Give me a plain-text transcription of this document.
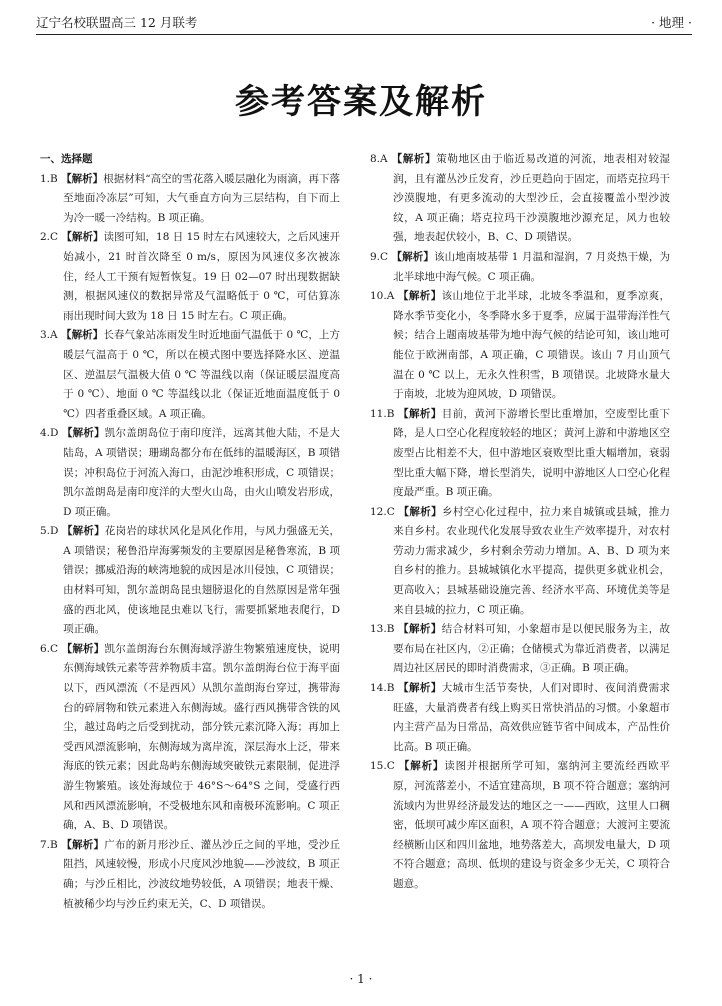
辽宁名校联盟高三 12 月联考	· 地理 ·
参考答案及解析
一、选择题

1.B 【解析】根据材料“高空的雪花落入暖层融化为雨滴，再下落至地面冷冻层”可知，大气垂直方向为三层结构，自下而上为冷一暖一冷结构。B 项正确。

2.C 【解析】读图可知，18 日 15 时左右风速较大，之后风速开始减小，21 时首次降至 0 m/s，原因为风速仪多次被冻住，经人工干预有短暂恢复。19 日 02—07 时出现数据缺测，根据风速仪的数据异常及气温略低于 0 ℃，可估算冻雨出现时间大致为 18 日 15 时左右。C 项正确。

3.A 【解析】长春气象站冻雨发生时近地面气温低于 0 ℃，上方暖层气温高于 0 ℃，所以在模式图中要选择降水区、逆温区、逆温层气温极大值 0 ℃ 等温线以南（保证暖层温度高于 0 ℃）、地面 0 ℃ 等温线以北（保证近地面温度低于 0 ℃）四者重叠区域。A 项正确。

4.D 【解析】凯尔盖朗岛位于南印度洋，远离其他大陆，不是大陆岛，A 项错误；珊瑚岛都分布在低纬的温暖海区，B 项错误；冲积岛位于河流入海口，由泥沙堆积形成，C 项错误；凯尔盖朗岛是南印度洋的大型火山岛，由火山喷发岩形成，D 项正确。

5.D 【解析】花岗岩的球状风化是风化作用，与风力强盛无关，A 项错误；秘鲁沿岸海雾频发的主要原因是秘鲁寒流，B 项错误；挪威沿海的峡湾地貌的成因是冰川侵蚀，C 项错误；由材料可知，凯尔盖朗岛昆虫翅膀退化的自然原因是常年强盛的西北风，使该地昆虫难以飞行，需要抓紧地表爬行，D 项正确。

6.C 【解析】凯尔盖朗海台东侧海域浮游生物繁殖速度快，说明东侧海域铁元素等营养物质丰富。凯尔盖朗海台位于海平面以下，西风漂流（不是西风）从凯尔盖朗海台穿过，携带海台的碎屑物和铁元素进入东侧海域。盛行西风携带含铁的风尘，越过岛屿之后受到扰动，部分铁元素沉降入海；再加上受西风漂流影响，东侧海域为离岸流，深层海水上泛，带来海底的铁元素；因此岛屿东侧海域突破铁元素限制，促进浮游生物繁殖。该处海域位于 46°S～64°S 之间，受盛行西风和西风漂流影响，不受极地东风和南极环流影响。C 项正确，A、B、D 项错误。

7.B 【解析】广布的新月形沙丘、灌丛沙丘之间的平地，受沙丘阻挡，风速较慢，形成小尺度风沙地貌——沙波纹，B 项正确；与沙丘相比，沙波纹地势较低，A 项错误；地表干燥、植被稀少均与沙丘约束无关，C、D 项错误。

8.A 【解析】策勒地区由于临近易改道的河流，地表相对较湿润，且有灌丛沙丘发育，沙丘更趋向于固定，而塔克拉玛干沙漠腹地，有更多流动的大型沙丘，会直接覆盖小型沙波纹，A 项正确；塔克拉玛干沙漠腹地沙源充足，风力也较强，地表起伏较小，B、C、D 项错误。

9.C 【解析】该山地南坡基带 1 月温和湿润，7 月炎热干燥，为北半球地中海气候。C 项正确。

10.A 【解析】该山地位于北半球，北坡冬季温和，夏季凉爽，降水季节变化小，冬季降水多于夏季，应属于温带海洋性气候；结合上题南坡基带为地中海气候的结论可知，该山地可能位于欧洲南部，A 项正确，C 项错误。该山 7 月山顶气温在 0 ℃ 以上，无永久性积雪，B 项错误。北坡降水量大于南坡，北坡为迎风坡，D 项错误。

11.B 【解析】目前，黄河下游增长型比重增加，空废型比重下降，是人口空心化程度较轻的地区；黄河上游和中游地区空废型占比相差不大，但中游地区衰败型比重大幅增加，衰弱型比重大幅下降，增长型消失，说明中游地区人口空心化程度最严重。B 项正确。

12.C 【解析】乡村空心化过程中，拉力来自城镇或县城，推力来自乡村。农业现代化发展导致农业生产效率提升，对农村劳动力需求减少，乡村剩余劳动力增加。A、B、D 项为来自乡村的推力。县城城镇化水平提高，提供更多就业机会，更高收入；县城基础设施完善、经济水平高、环境优美等是来自县城的拉力，C 项正确。

13.B 【解析】结合材料可知，小象超市是以便民服务为主，故要布局在社区内，②正确；仓储模式为靠近消费者，以满足周边社区居民的即时消费需求，③正确。B 项正确。

14.B 【解析】大城市生活节奏快，人们对即时、夜间消费需求旺盛，大量消费者有线上购买日常快消品的习惯。小象超市内主营产品为日常品，高效供应链节省中间成本，产品性价比高。B 项正确。

15.C 【解析】读图并根据所学可知，塞纳河主要流经西欧平原，河流落差小，不适宜建高坝，B 项不符合题意；塞纳河流域内为世界经济最发达的地区之一——西欧，这里人口稠密，低坝可减少库区面积，A 项不符合题意；大渡河主要流经横断山区和四川盆地，地势落差大，高坝发电量大，D 项不符合题意；高坝、低坝的建设与资金多少无关，C 项符合题意。

· 1 ·
